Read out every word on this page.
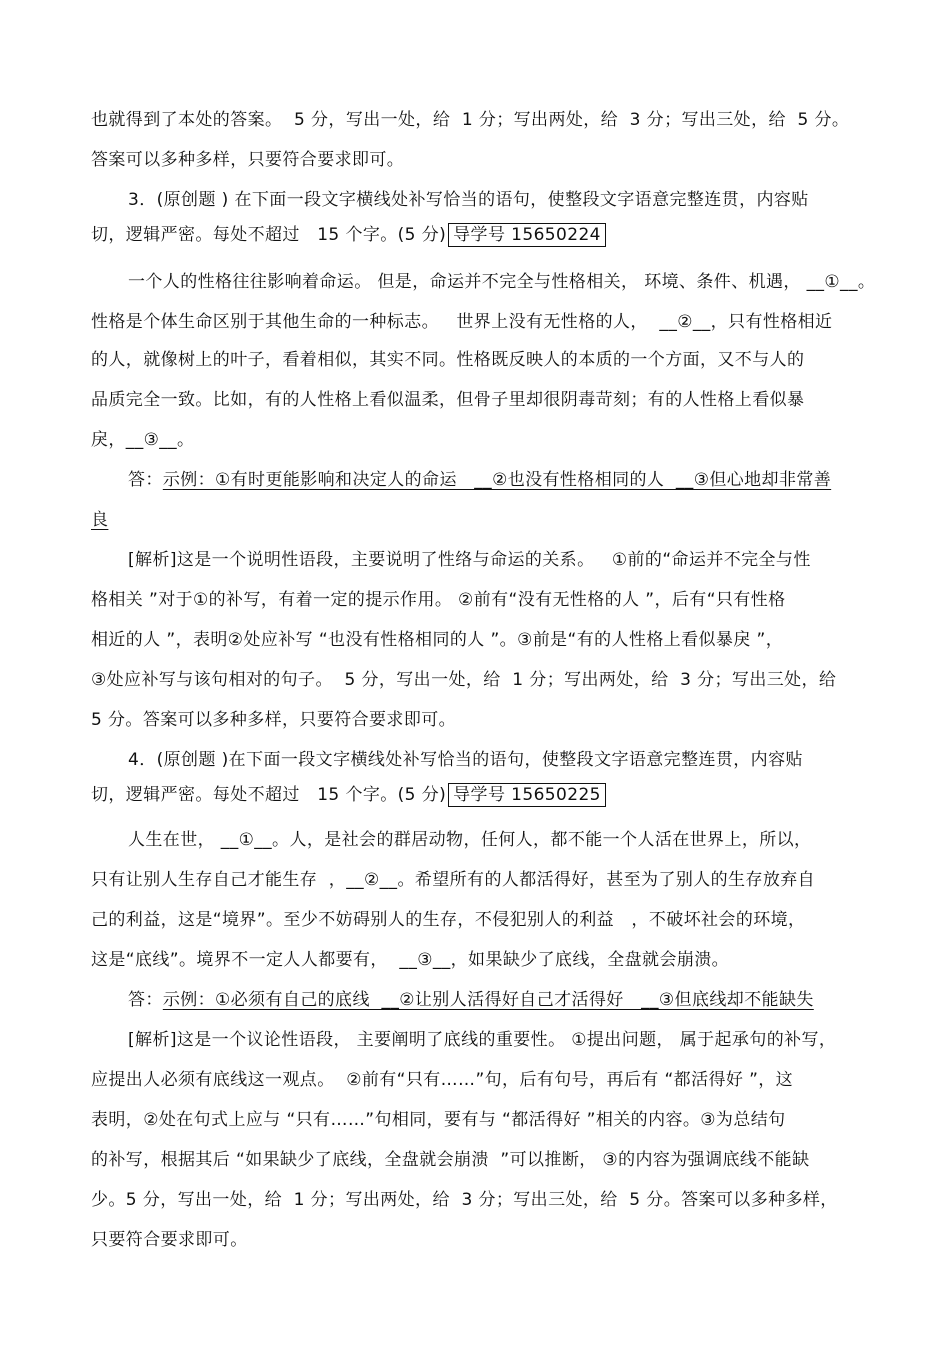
也就得到了本处的答案。  5 分，写出一处，给  1 分；写出两处，给  3 分；写出三处，给  5 分。
答案可以多种多样，只要符合要求即可。
3．(原创题 ) 在下面一段文字横线处补写恰当的语句，使整段文字语意完整连贯，内容贴
切，逻辑严密。每处不超过   15 个字。(5 分) 导学号 15650224
一个人的性格往往影响着命运。 但是，命运并不完全与性格相关， 环境、条件、机遇， __①__。
性格是个体生命区别于其他生命的一种标志。   世界上没有无性格的人，  __②__，只有性格相近
的人，就像树上的叶子，看着相似，其实不同。性格既反映人的本质的一个方面，又不与人的
品质完全一致。比如，有的人性格上看似温柔，但骨子里却很阴毒苛刻；有的人性格上看似暴
戾，__③__。
答：示例：①有时更能影响和决定人的命运   __②也没有性格相同的人  __③但心地却非常善
良
[解析]这是一个说明性语段，主要说明了性络与命运的关系。   ①前的“命运并不完全与性
格相关 ”对于①的补写，有着一定的提示作用。 ②前有“没有无性格的人 ”，后有“只有性格
相近的人 ”，表明②处应补写 “也没有性格相同的人 ”。③前是“有的人性格上看似暴戾 ”，
③处应补写与该句相对的句子。  5 分，写出一处，给  1 分；写出两处，给  3 分；写出三处，给
5 分。答案可以多种多样，只要符合要求即可。
4．(原创题 )在下面一段文字横线处补写恰当的语句，使整段文字语意完整连贯，内容贴
切，逻辑严密。每处不超过   15 个字。(5 分) 导学号 15650225
人生在世， __①__。人，是社会的群居动物，任何人，都不能一个人活在世界上，所以，
只有让别人生存自己才能生存  ，__②__。希望所有的人都活得好，甚至为了别人的生存放弃自
己的利益，这是“境界”。至少不妨碍别人的生存，不侵犯别人的利益   ，不破坏社会的环境，
这是“底线”。境界不一定人人都要有，  __③__，如果缺少了底线，全盘就会崩溃。
答：示例：①必须有自己的底线  __②让别人活得好自己才活得好   __③但底线却不能缺失
[解析]这是一个议论性语段， 主要阐明了底线的重要性。 ①提出问题， 属于起承句的补写，
应提出人必须有底线这一观点。  ②前有“只有……”句，后有句号，再后有 “都活得好 ”，这
表明，②处在句式上应与 “只有……”句相同，要有与 “都活得好 ”相关的内容。③为总结句
的补写，根据其后 “如果缺少了底线，全盘就会崩溃  ”可以推断， ③的内容为强调底线不能缺
少。5 分，写出一处，给  1 分；写出两处，给  3 分；写出三处，给  5 分。答案可以多种多样，
只要符合要求即可。
